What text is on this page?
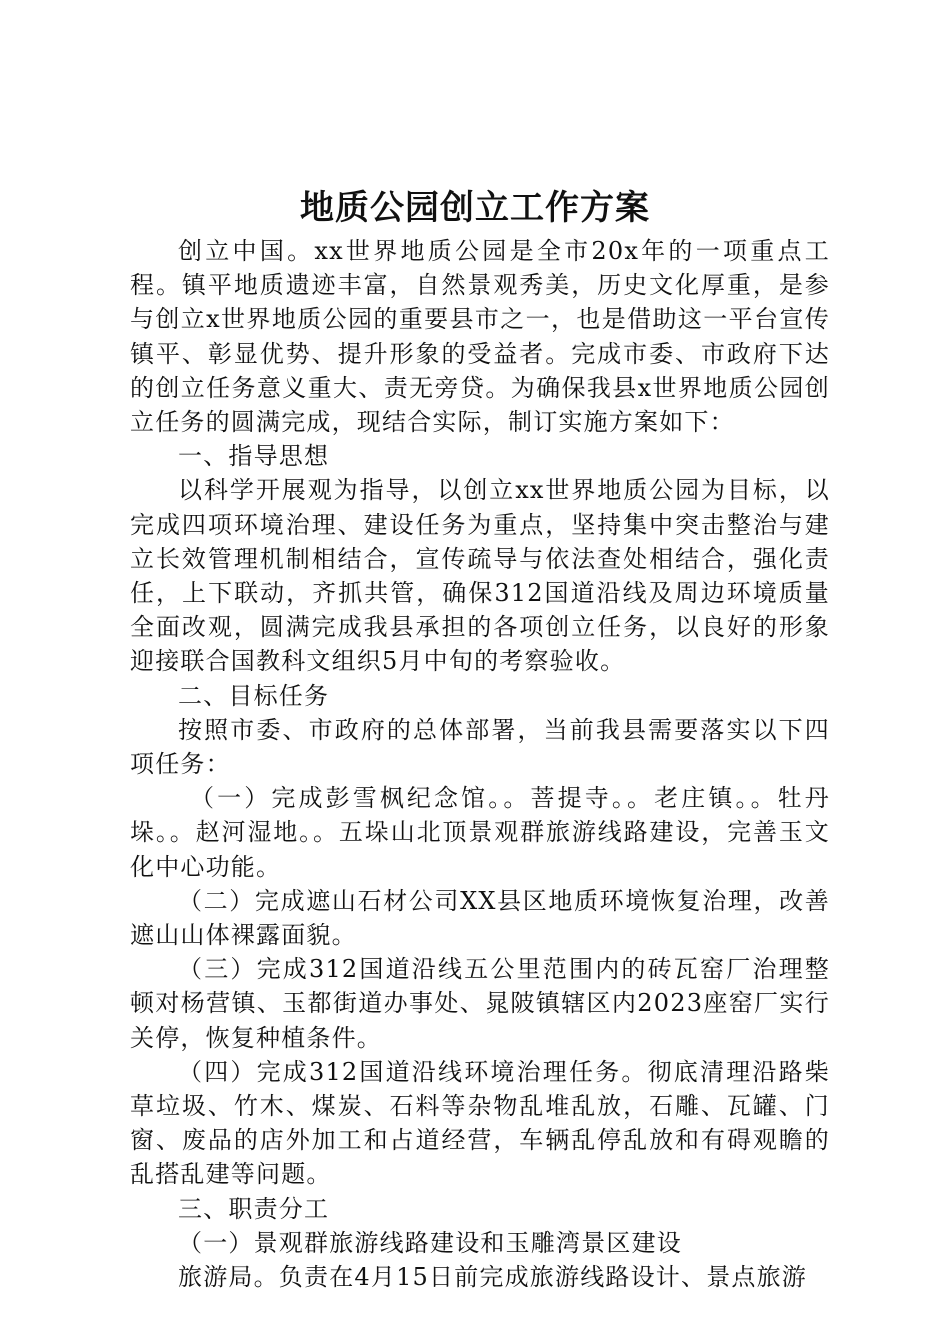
地质公园创立工作方案

创立中国。xx世界地质公园是全市20x年的一项重点工程。镇平地质遗迹丰富，自然景观秀美，历史文化厚重，是参与创立x世界地质公园的重要县市之一，也是借助这一平台宣传镇平、彰显优势、提升形象的受益者。完成市委、市政府下达的创立任务意义重大、责无旁贷。为确保我县x世界地质公园创立任务的圆满完成，现结合实际，制订实施方案如下：

一、指导思想

以科学开展观为指导，以创立xx世界地质公园为目标，以完成四项环境治理、建设任务为重点，坚持集中突击整治与建立长效管理机制相结合，宣传疏导与依法查处相结合，强化责任，上下联动，齐抓共管，确保312国道沿线及周边环境质量全面改观，圆满完成我县承担的各项创立任务，以良好的形象迎接联合国教科文组织5月中旬的考察验收。

二、目标任务

按照市委、市政府的总体部署，当前我县需要落实以下四项任务：

（一）完成彭雪枫纪念馆。。菩提寺。。老庄镇。。牡丹垛。。赵河湿地。。五垛山北顶景观群旅游线路建设，完善玉文化中心功能。

（二）完成遮山石材公司XX县区地质环境恢复治理，改善遮山山体裸露面貌。

（三）完成312国道沿线五公里范围内的砖瓦窑厂治理整顿对杨营镇、玉都街道办事处、晁陂镇辖区内2023座窑厂实行关停，恢复种植条件。

（四）完成312国道沿线环境治理任务。彻底清理沿路柴草垃圾、竹木、煤炭、石料等杂物乱堆乱放，石雕、瓦罐、门窗、废品的店外加工和占道经营，车辆乱停乱放和有碍观瞻的乱搭乱建等问题。

三、职责分工

（一）景观群旅游线路建设和玉雕湾景区建设

旅游局。负责在4月15日前完成旅游线路设计、景点旅游
